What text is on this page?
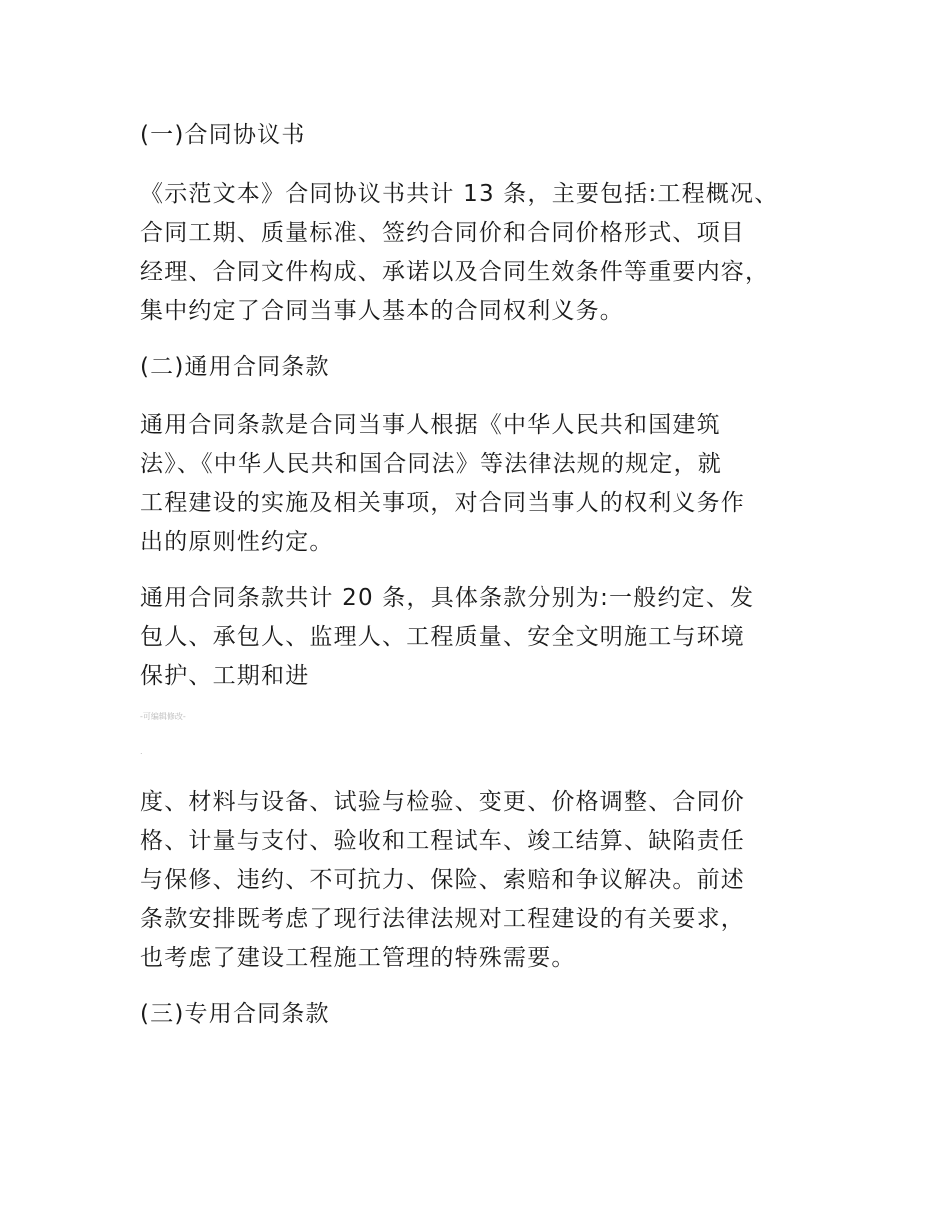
(一)合同协议书
《示范文本》合同协议书共计 13 条，主要包括:工程概况、
合同工期、质量标准、签约合同价和合同价格形式、项目
经理、合同文件构成、承诺以及合同生效条件等重要内容，
集中约定了合同当事人基本的合同权利义务。
(二)通用合同条款
通用合同条款是合同当事人根据《中华人民共和国建筑
法》、《中华人民共和国合同法》等法律法规的规定，就
工程建设的实施及相关事项，对合同当事人的权利义务作
出的原则性约定。
通用合同条款共计 20 条，具体条款分别为:一般约定、发
包人、承包人、监理人、工程质量、安全文明施工与环境
保护、工期和进
-可编辑修改-
.
度、材料与设备、试验与检验、变更、价格调整、合同价
格、计量与支付、验收和工程试车、竣工结算、缺陷责任
与保修、违约、不可抗力、保险、索赔和争议解决。前述
条款安排既考虑了现行法律法规对工程建设的有关要求，
也考虑了建设工程施工管理的特殊需要。
(三)专用合同条款
